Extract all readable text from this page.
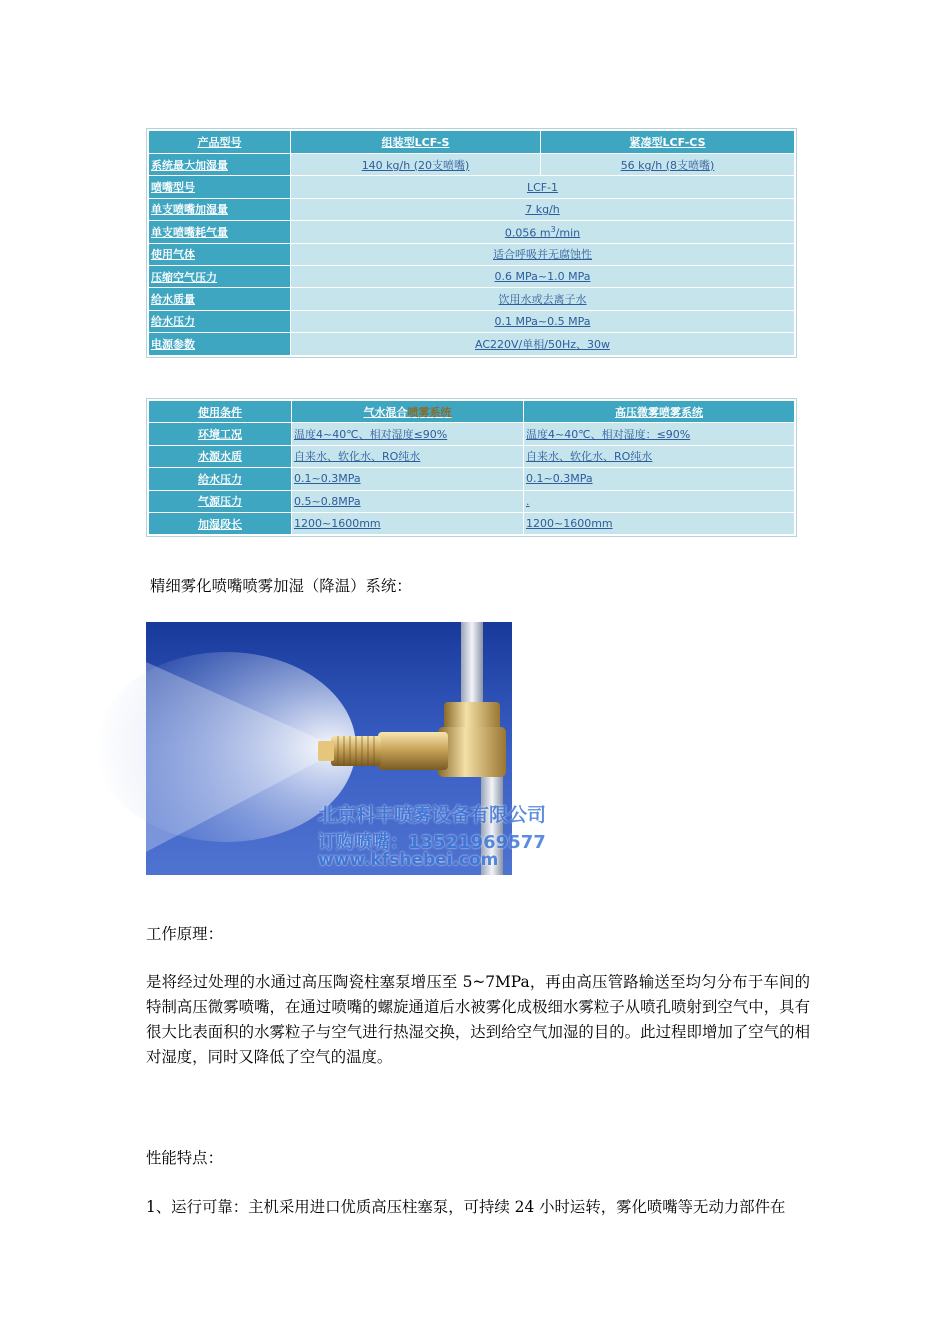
产品型号	组装型LCF-S	紧凑型LCF-CS
系统最大加湿量	140 kg/h (20支喷嘴)	56 kg/h (8支喷嘴)
喷嘴型号	LCF-1	
单支喷嘴加湿量	7 kg/h	
单支喷嘴耗气量	0.056 $m^3/\min$	
使用气体	适合呼吸并无腐蚀性	
压缩空气压力	0.6 MPa~1.0 MPa	
给水质量	饮用水或去离子水	
给水压力	0.1 MPa~0.5 MPa	
电源参数	AC220V/单相/50Hz、30w	
使用条件	气水混合喷雾系统	高压微雾喷雾系统
环境工况	温度4~40℃、相对湿度≤90%	温度4~40℃、相对湿度：≤90%
水源水质	自来水、软化水、RO纯水	自来水、软化水、RO纯水
给水压力	0.1~0.3MPa	0.1~0.3MPa
气源压力	0.5~0.8MPa	.
加湿段长	1200~1600mm	1200~1600mm
精细雾化喷嘴喷雾加湿（降温）系统：
北京科丰喷雾设备有限公司
订购喷嘴：13521969577
www.kfshebei.com
工作原理：
是将经过处理的水通过高压陶瓷柱塞泵增压至 5~7MPa，再由高压管路输送至均匀分布于车间的特制高压微雾喷嘴，在通过喷嘴的螺旋通道后水被雾化成极细水雾粒子从喷孔喷射到空气中，具有很大比表面积的水雾粒子与空气进行热湿交换，达到给空气加湿的目的。此过程即增加了空气的相对湿度，同时又降低了空气的温度。
性能特点：
1、运行可靠：主机采用进口优质高压柱塞泵，可持续 24 小时运转，雾化喷嘴等无动力部件在
